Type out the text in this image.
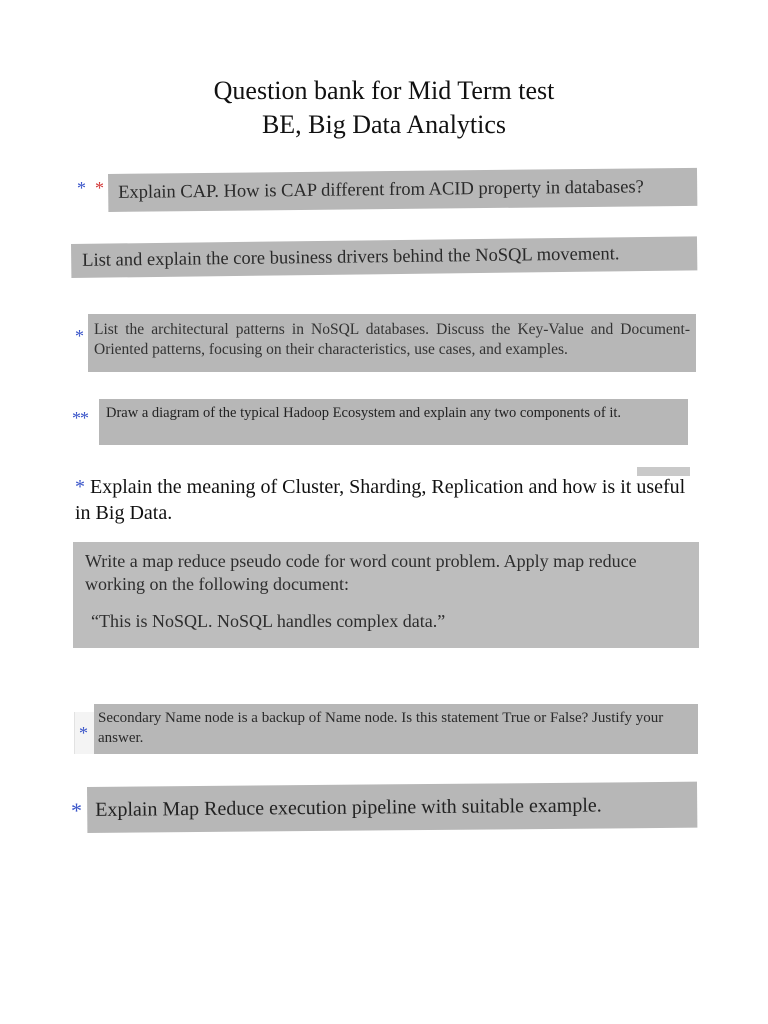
Question bank for Mid Term test
BE, Big Data Analytics
* * Explain CAP. How is CAP different from ACID property in databases?
List and explain the core business drivers behind the NoSQL movement.
* List the architectural patterns in NoSQL databases. Discuss the Key-Value and Document-Oriented patterns, focusing on their characteristics, use cases, and examples.
**	Draw a diagram of the typical Hadoop Ecosystem and explain any two components of it.
* Explain the meaning of Cluster, Sharding, Replication and how is it useful in Big Data.
Write a map reduce pseudo code for word count problem. Apply map reduce working on the following document:
“This is NoSQL. NoSQL handles complex data.”
*
Secondary Name node is a backup of Name node. Is this statement True or False? Justify your answer.
* Explain Map Reduce execution pipeline with suitable example.
